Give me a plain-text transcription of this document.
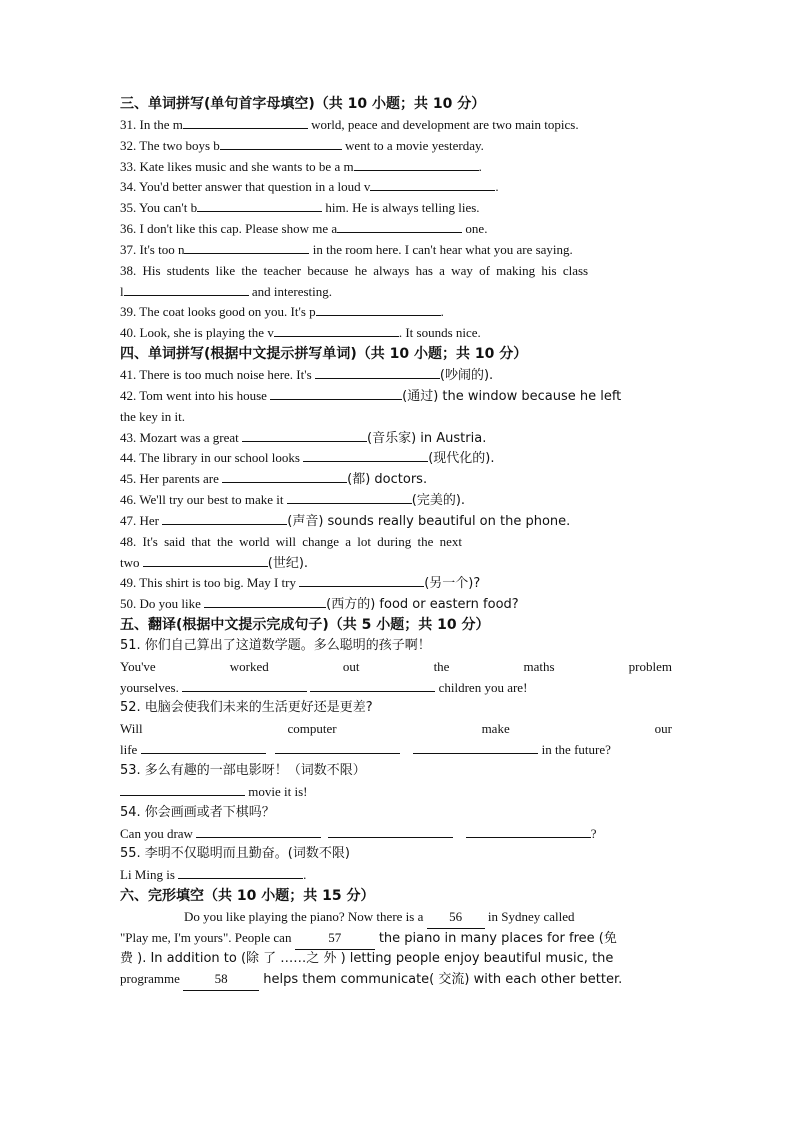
三、单词拼写(单句首字母填空)（共 10 小题；共 10 分）
31. In the m	world, peace and development are two main topics.
32. The two boys b	went to a movie yesterday.
33. Kate likes music and she wants to be a m	.
34. You'd better answer that question in a loud v	.
35. You can't b	him. He is always telling lies.
36. I don't like this cap. Please show me a	one.
37. It's too n	in the room here. I can't hear what you are saying.
38. His students like the teacher because he always has a way of making his class
l	and interesting.
39. The coat looks good on you. It's p	.
40. Look, she is playing the v	. It sounds nice.
四、单词拼写(根据中文提示拼写单词)（共 10 小题；共 10 分）
41. There is too much noise here. It's	(吵闹的).
42. Tom went into his house	(通过) the window because he left
the key in it.
43. Mozart was a great	(音乐家) in Austria.
44. The library in our school looks	(现代化的).
45. Her parents are	(都) doctors.
46. We'll try our best to make it	(完美的).
47. Her	(声音) sounds really beautiful on the phone.
48. It's said that the world will change a lot during the next
two	(世纪).
49. This shirt is too big. May I try	(另一个)?
50. Do you like	(西方的) food or eastern food?
五、翻译(根据中文提示完成句子)（共 5 小题；共 10 分）
51. 你们自己算出了这道数学题。多么聪明的孩子啊！
You've	worked	out	the	maths	problem
yourselves.	children you are!
52. 电脑会使我们未来的生活更好还是更差?
Will	computer	make	our
life	in the future?
53. 多么有趣的一部电影呀！（词数不限）
movie it is!
54. 你会画画或者下棋吗？
Can you draw	?
55. 李明不仅聪明而且勤奋。(词数不限)
Li Ming is	.
六、完形填空（共 10 小题；共 15 分）
Do you like playing the piano? Now there is a 56 in Sydney called
"Play me, I'm yours". People can	57	the piano in many places for free (免
费 ). In addition to (除 了 ……之 外 ) letting people enjoy beautiful music, the
programme 58 helps them communicate( 交流) with each other better.
